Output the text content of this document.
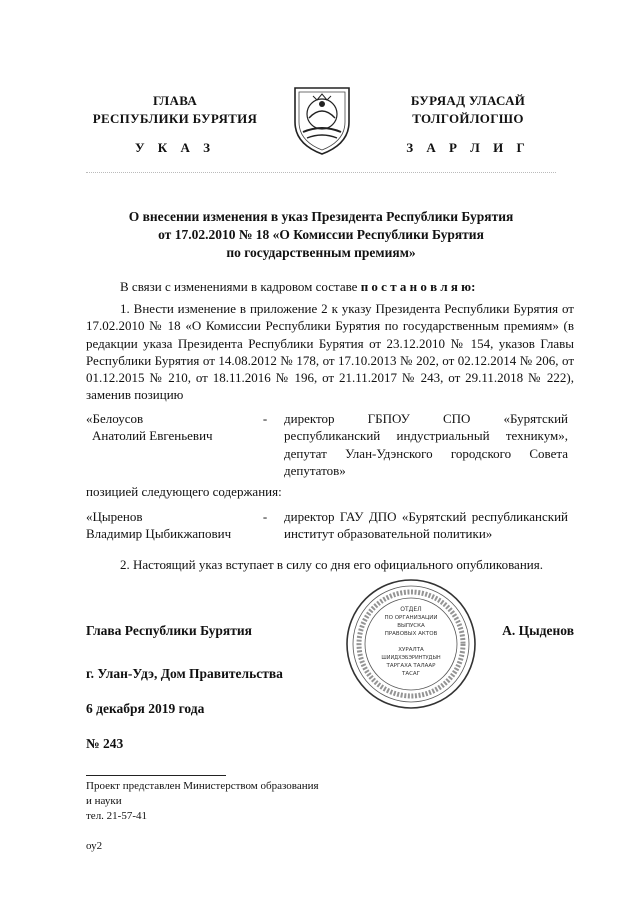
ГЛАВА
РЕСПУБЛИКИ БУРЯТИЯ
БУРЯАД УЛАСАЙ
ТОЛГОЙЛОГШО
У К А З	З А Р Л И Г
О внесении изменения в указ Президента Республики Бурятия
от 17.02.2010 № 18 «О Комиссии Республики Бурятия
по государственным премиям»
В связи с изменениями в кадровом составе п о с т а н о в л я ю:
1. Внести изменение в приложение 2 к указу Президента Республики Бурятия от 17.02.2010 № 18 «О Комиссии Республики Бурятия по государственным премиям» (в редакции указа Президента Республики Бурятия от 23.12.2010 № 154, указов Главы Республики Бурятия от 14.08.2012 № 178, от 17.10.2013 № 202, от 02.12.2014 № 206, от 01.12.2015 № 210, от 18.11.2016 № 196, от 21.11.2017 № 243, от 29.11.2018 № 222), заменив позицию
«Белоусов
Анатолий Евгеньевич
-	директор ГБПОУ СПО «Бурятский республиканский индустриальный техникум», депутат Улан-Удэнского городского Совета депутатов»
позицией следующего содержания:
«Цыренов
Владимир Цыбикжапович
-	директор ГАУ ДПО «Бурятский республиканский институт образовательной политики»
2. Настоящий указ вступает в силу со дня его официального опубликования.
ОТДЕЛ
ПО ОРГАНИЗАЦИИ
ВЫПУСКА
ПРАВОВЫХ АКТОВ
ХУРАЛТА
ШИИДХЭБЭРИНТУДЫН
ТАРГАХА ТАЛААР
ТАСАГ
Глава Республики Бурятия	А. Цыденов
г. Улан-Удэ, Дом Правительства
6 декабря 2019 года
№ 243
Проект представлен Министерством образования
и науки
тел. 21-57-41
оу2
